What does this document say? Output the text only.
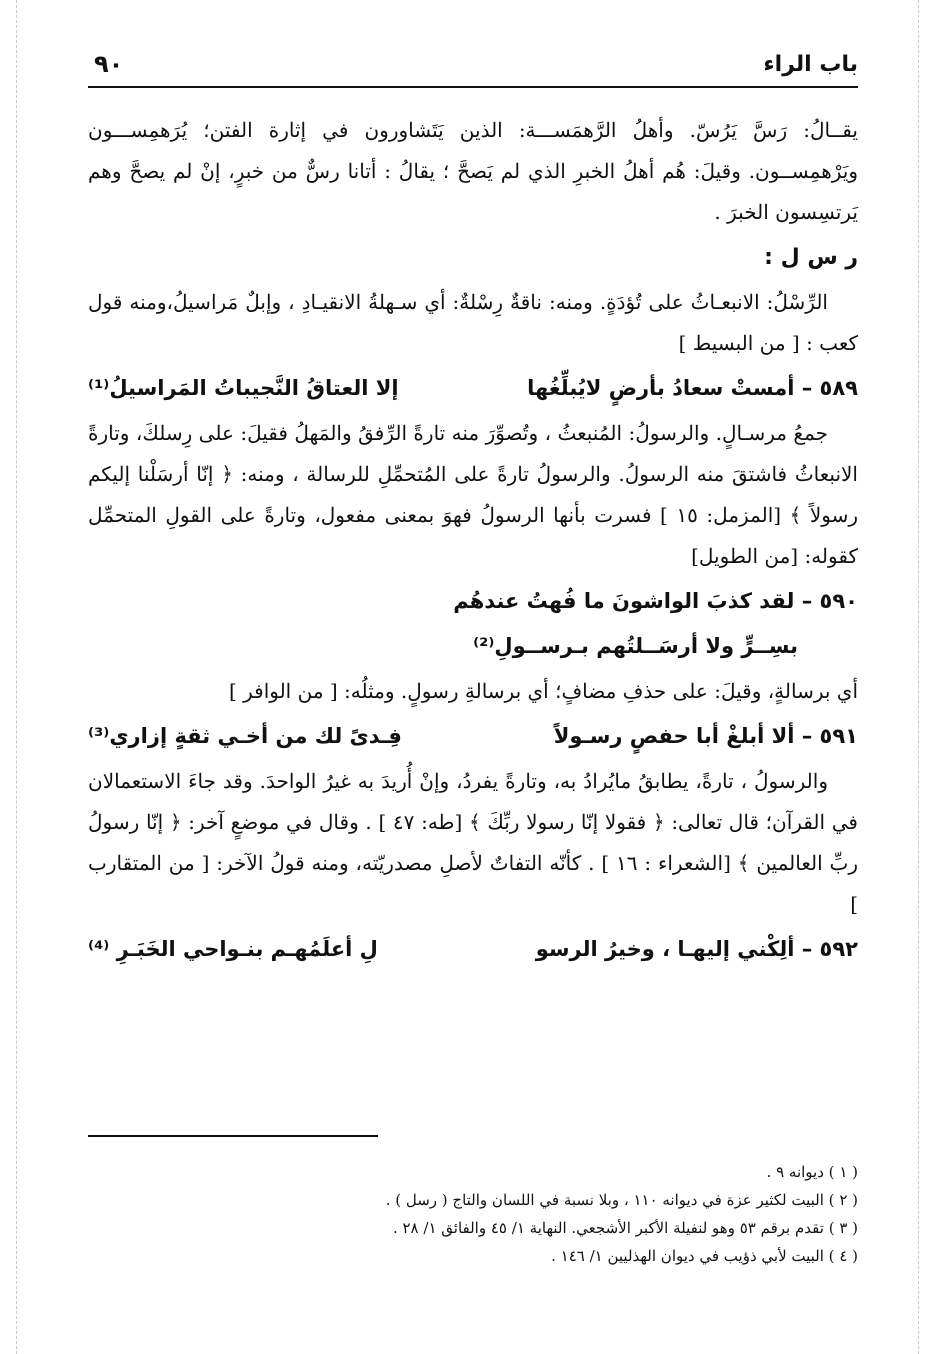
باب الراء
٩٠

يقــالُ: رَسَّ يَرُسّ. وأهلُ الرَّهمَســـة: الذين يَتَشاورون في إثارة الفتن؛ يُرَهمِســـون ويَرْهمِســون. وقيلَ: هُم أهلُ الخبرِ الذي لم يَصحَّ ؛ يقالُ : أتانا رسٌّ من خبرٍ، إنْ لم يصحَّ وهم يَرتسِسون الخبرَ .

ر س ل :

الرِّسْلُ: الانبعـاثُ على تُؤدَةٍ. ومنه: ناقةٌ رِسْلةٌ: أي سـهلةُ الانقيـادِ ، وإبلٌ مَراسيلُ،ومنه قول كعب : [ من البسيط ]

٥٨٩ – أمستْ سعادُ بأرضٍ لايُبلِّغُها
إلا العتاقُ النَّجيباتُ المَراسيلُ⁽¹⁾

جمعُ مرسـالٍ. والرسولُ: المُنبعثُ ، وتُصوِّرَ منه تارةً الرِّفقُ والمَهلُ فقيلَ: على رِسلكَ، وتارةً الانبعاثُ فاشتقَ منه الرسولُ. والرسولُ تارةً على المُتحمِّلِ للرسالة ، ومنه: ﴿ إنّا أرسَلْنا إليكم رسولاً ﴾ [المزمل: ١٥ ] فسرت بأنها الرسولُ فهوَ بمعنى مفعول، وتارةً على القولِ المتحمِّل كقوله: [من الطويل]

٥٩٠ – لقد كذبَ الواشونَ ما فُهتُ عندهُم
بسِــرٍّ ولا أرسَــلتُهم بـرســولِ⁽²⁾

أي برسالةٍ، وقيلَ: على حذفِ مضافٍ؛ أي برسالةِ رسولٍ. ومثلُه: [ من الوافر ]

٥٩١ – ألا أبلغْ أبا حفصٍ رسـولاً
فِـدىً لك من أخـي ثقةٍ إزاري⁽³⁾

والرسولُ ، تارةً، يطابقُ مايُرادُ به، وتارةً يفردُ، وإنْ أُريدَ به غيرُ الواحدَ. وقد جاءَ الاستعمالان في القرآن؛ قال تعالى: ﴿ فقولا إنّا رسولا ربِّكَ ﴾ [طه: ٤٧ ] . وقال في موضعٍ آخر: ﴿ إنّا رسولُ ربِّ العالمين ﴾ [الشعراء : ١٦ ] . كأنّه التفاتٌ لأصلِ مصدريّته، ومنه قولُ الآخر: [ من المتقارب ]

٥٩٢ – ألِكْني إليهـا ، وخيرُ الرسو
لِ أعلَمُهـم بنـواحي الخَبَـرِ ⁽⁴⁾
( ١ ) ديوانه ٩ .
( ٢ ) البيت لكثير عزة في ديوانه ١١٠ ، وبلا نسبة في اللسان والتاج ( رسل ) .
( ٣ ) تقدم برقم ٥٣ وهو لنفيلة الأكبر الأشجعي. النهاية ١/ ٤٥ والفائق ١/ ٢٨ .
( ٤ ) البيت لأبي ذؤيب في ديوان الهذليين ١/ ١٤٦ .
